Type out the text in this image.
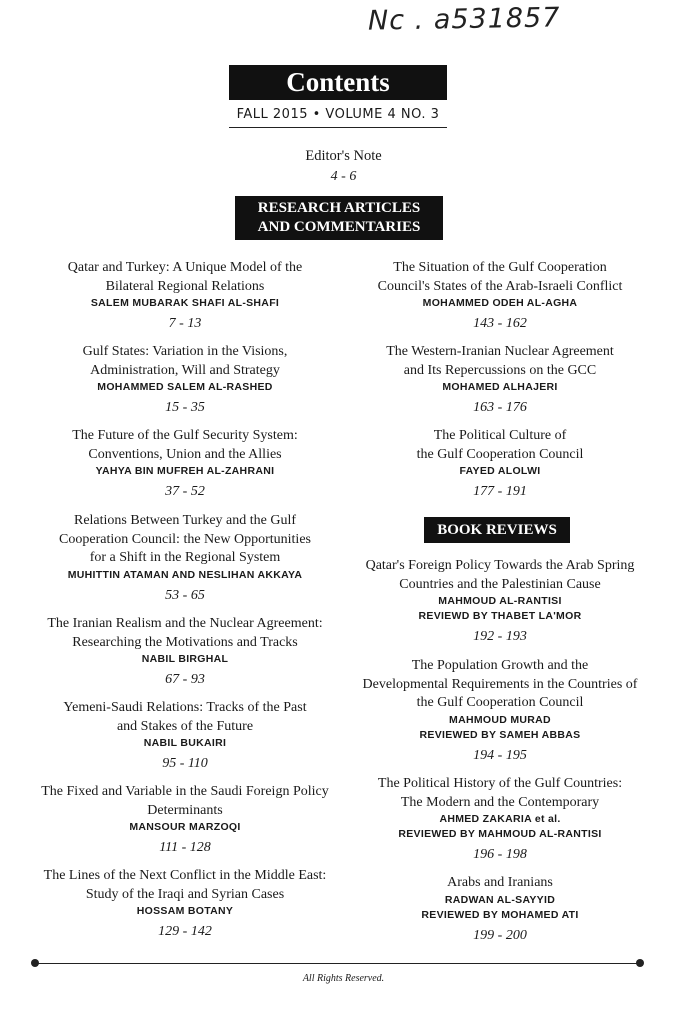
Nc . a531857
Contents
FALL 2015 • VOLUME 4 NO. 3
Editor's Note
4 - 6
RESEARCH ARTICLES
AND COMMENTARIES
Qatar and Turkey: A Unique Model of the
Bilateral Regional Relations
SALEM MUBARAK SHAFI AL-SHAFI
7 - 13
Gulf States: Variation in the Visions,
Administration, Will and Strategy
MOHAMMED SALEM AL-RASHED
15 - 35
The Future of the Gulf Security System:
Conventions, Union and the Allies
YAHYA BIN MUFREH AL-ZAHRANI
37 - 52
Relations Between Turkey and the Gulf
Cooperation Council: the New Opportunities
for a Shift in the Regional System
MUHITTIN ATAMAN AND NESLIHAN AKKAYA
53 - 65
The Iranian Realism and the Nuclear Agreement:
Researching the Motivations and Tracks
NABIL BIRGHAL
67 - 93
Yemeni-Saudi Relations: Tracks of the Past
and Stakes of the Future
NABIL BUKAIRI
95 - 110
The Fixed and Variable in the Saudi Foreign Policy
Determinants
MANSOUR MARZOQI
111 - 128
The Lines of the Next Conflict in the Middle East:
Study of the Iraqi and Syrian Cases
HOSSAM BOTANY
129 - 142
The Situation of the Gulf Cooperation
Council's States of the Arab-Israeli Conflict
MOHAMMED ODEH AL-AGHA
143 - 162
The Western-Iranian Nuclear Agreement
and Its Repercussions on the GCC
MOHAMED ALHAJERI
163 - 176
The Political Culture of
the Gulf Cooperation Council
FAYED ALOLWI
177 - 191
BOOK REVIEWS
Qatar's Foreign Policy Towards the Arab Spring
Countries and the Palestinian Cause
MAHMOUD AL-RANTISI
REVIEWD BY THABET LA'MOR
192 - 193
The Population Growth and the
Developmental Requirements in the Countries of
the Gulf Cooperation Council
MAHMOUD MURAD
REVIEWED BY SAMEH ABBAS
194 - 195
The Political History of the Gulf Countries:
The Modern and the Contemporary
AHMED ZAKARIA et al.
REVIEWED BY MAHMOUD AL-RANTISI
196 - 198
Arabs and Iranians
RADWAN AL-SAYYID
REVIEWED BY MOHAMED ATI
199 - 200
All Rights Reserved.
